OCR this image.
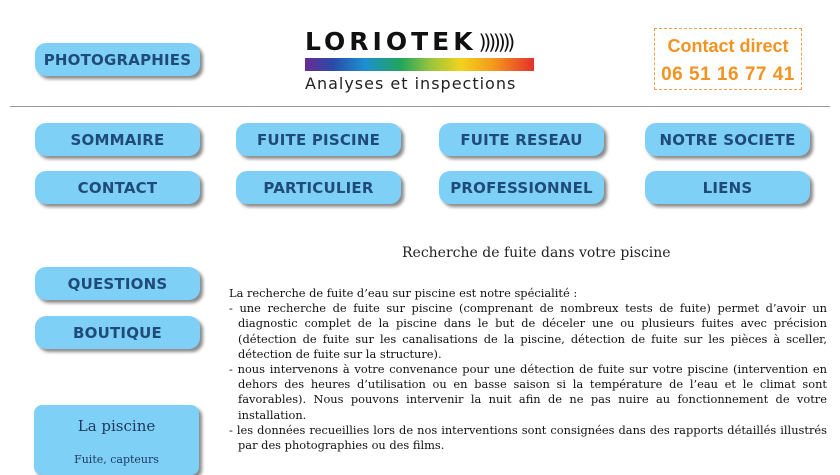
PHOTOGRAPHIES
LORIOTEK )))))))
Analyses et inspections
Contact direct
06 51 16 77 41
SOMMAIRE	FUITE PISCINE	FUITE RESEAU	NOTRE SOCIETE
CONTACT	PARTICULIER	PROFESSIONNEL	LIENS
QUESTIONS
BOUTIQUE
La piscine
Fuite, capteurs
Recherche de fuite dans votre piscine

La recherche de fuite d’eau sur piscine est notre spécialité :

- une recherche de fuite sur piscine (comprenant de nombreux tests de fuite) permet d’avoir un diagnostic complet de la piscine dans le but de déceler une ou plusieurs fuites avec précision (détection de fuite sur les canalisations de la piscine, détection de fuite sur les pièces à sceller, détection de fuite sur la structure).

- nous intervenons à votre convenance pour une détection de fuite sur votre piscine (intervention en dehors des heures d’utilisation ou en basse saison si la température de l’eau et le climat sont favorables). Nous pouvons intervenir la nuit afin de ne pas nuire au fonctionnement de votre installation.

- les données recueillies lors de nos interventions sont consignées dans des rapports détaillés illustrés par des photographies ou des films.
